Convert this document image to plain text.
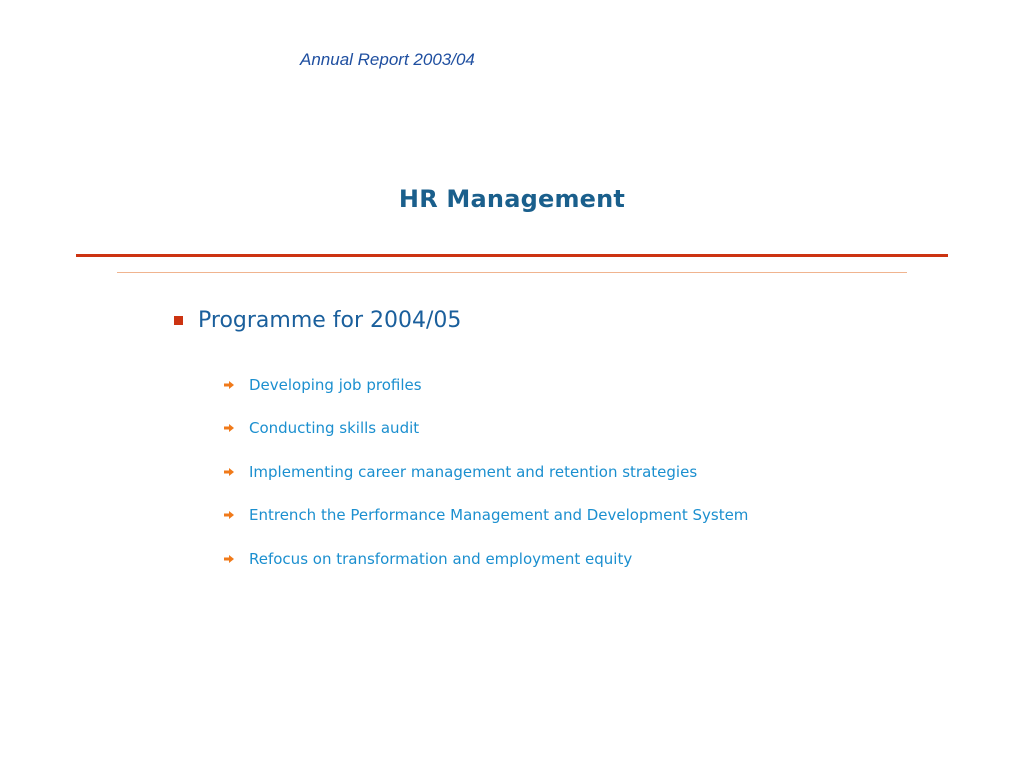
Annual Report 2003/04
HR Management
Programme for 2004/05
Developing job profiles
Conducting skills audit
Implementing career management and retention strategies
Entrench the Performance Management and Development System
Refocus on transformation and employment equity
